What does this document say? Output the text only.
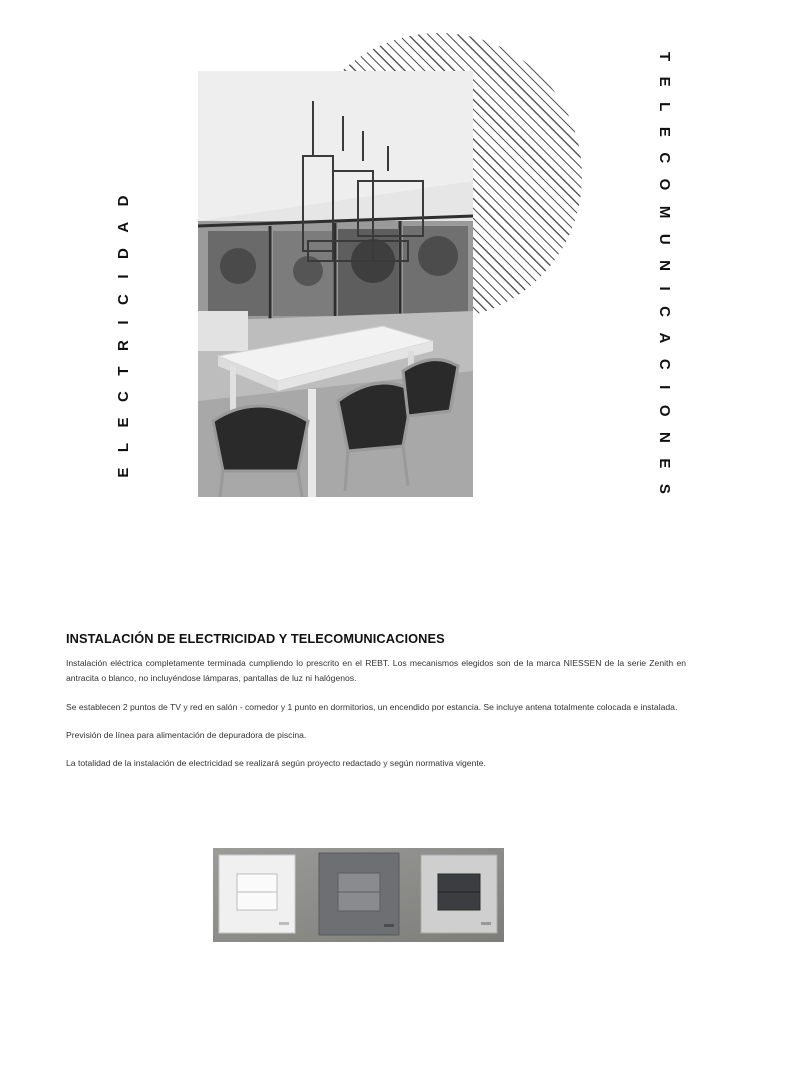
ELECTRICIDAD	TELECOMUNICACIONES
INSTALACIÓN DE ELECTRICIDAD Y TELECOMUNICACIONES

Instalación eléctrica completamente terminada cumpliendo lo prescrito en el REBT. Los mecanismos elegidos son de la marca NIESSEN de la serie Zenith en antracita o blanco, no incluyéndose lámparas, pantallas de luz ni halógenos.

Se establecen 2 puntos de TV y red en salón - comedor y 1 punto en dormitorios, un encendido por estancia. Se incluye antena totalmente colocada e instalada.

Previsión de línea para alimentación de depuradora de piscina.

La totalidad de la instalación de electricidad se realizará según proyecto redactado y según normativa vigente.
